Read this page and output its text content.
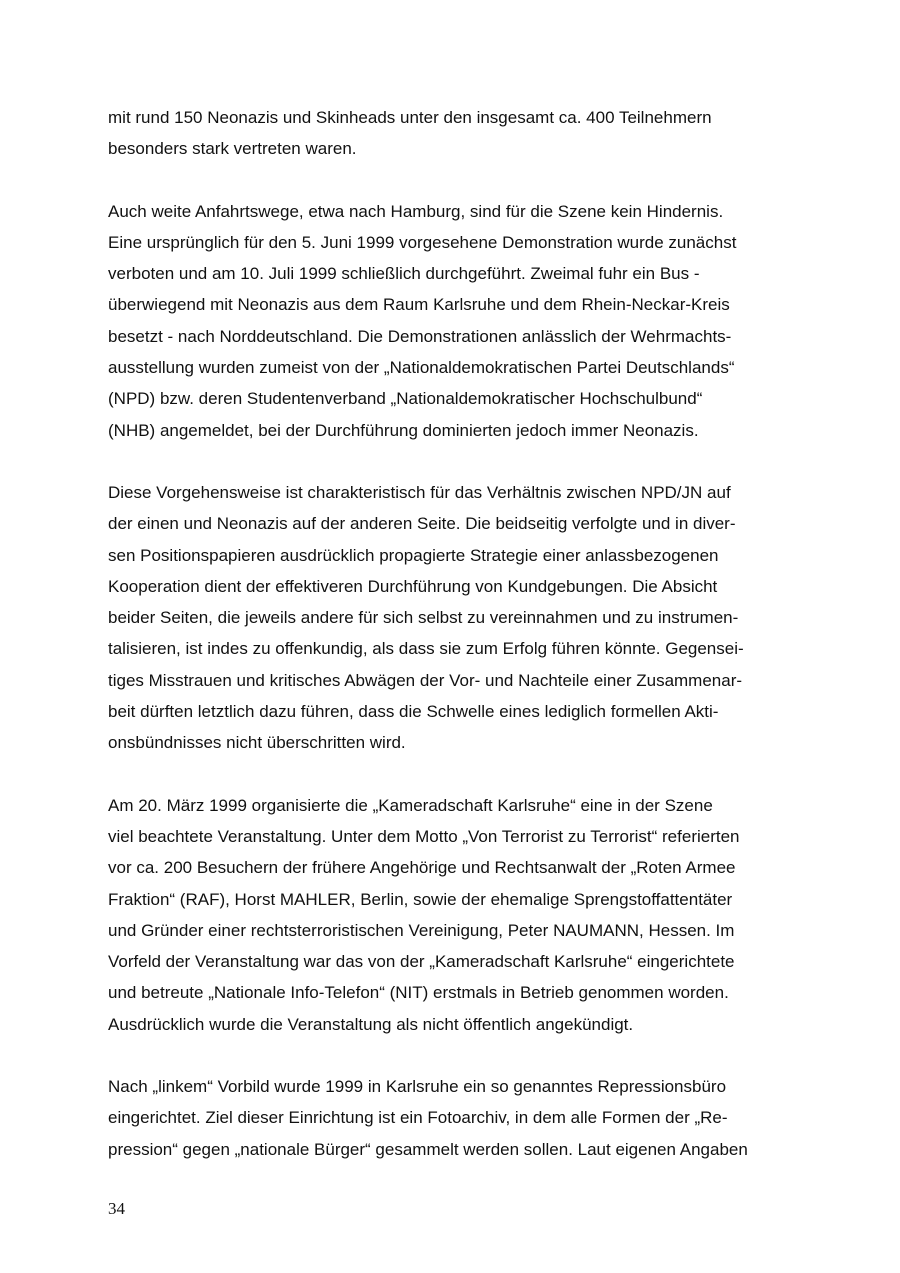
mit rund 150 Neonazis und Skinheads unter den insgesamt ca. 400 Teilnehmern
besonders stark vertreten waren.

Auch weite Anfahrtswege, etwa nach Hamburg, sind für die Szene kein Hindernis.
Eine ursprünglich für den 5. Juni 1999 vorgesehene Demonstration wurde zunächst
verboten und am 10. Juli 1999 schließlich durchgeführt. Zweimal fuhr ein Bus -
überwiegend mit Neonazis aus dem Raum Karlsruhe und dem Rhein-Neckar-Kreis
besetzt - nach Norddeutschland. Die Demonstrationen anlässlich der Wehrmachts-
ausstellung wurden zumeist von der „Nationaldemokratischen Partei Deutschlands“
(NPD) bzw. deren Studentenverband „Nationaldemokratischer Hochschulbund“
(NHB) angemeldet, bei der Durchführung dominierten jedoch immer Neonazis.

Diese Vorgehensweise ist charakteristisch für das Verhältnis zwischen NPD/JN auf
der einen und Neonazis auf der anderen Seite. Die beidseitig verfolgte und in diver-
sen Positionspapieren ausdrücklich propagierte Strategie einer anlassbezogenen
Kooperation dient der effektiveren Durchführung von Kundgebungen. Die Absicht
beider Seiten, die jeweils andere für sich selbst zu vereinnahmen und zu instrumen-
talisieren, ist indes zu offenkundig, als dass sie zum Erfolg führen könnte. Gegensei-
tiges Misstrauen und kritisches Abwägen der Vor- und Nachteile einer Zusammenar-
beit dürften letztlich dazu führen, dass die Schwelle eines lediglich formellen Akti-
onsbündnisses nicht überschritten wird.

Am 20. März 1999 organisierte die „Kameradschaft Karlsruhe“ eine in der Szene
viel beachtete Veranstaltung. Unter dem Motto „Von Terrorist zu Terrorist“ referierten
vor ca. 200 Besuchern der frühere Angehörige und Rechtsanwalt der „Roten Armee
Fraktion“ (RAF), Horst MAHLER, Berlin, sowie der ehemalige Sprengstoffattentäter
und Gründer einer rechtsterroristischen Vereinigung, Peter NAUMANN, Hessen. Im
Vorfeld der Veranstaltung war das von der „Kameradschaft Karlsruhe“ eingerichtete
und betreute „Nationale Info-Telefon“ (NIT) erstmals in Betrieb genommen worden.
Ausdrücklich wurde die Veranstaltung als nicht öffentlich angekündigt.

Nach „linkem“ Vorbild wurde 1999 in Karlsruhe ein so genanntes Repressionsbüro
eingerichtet. Ziel dieser Einrichtung ist ein Fotoarchiv, in dem alle Formen der „Re-
pression“ gegen „nationale Bürger“ gesammelt werden sollen. Laut eigenen Angaben

34
